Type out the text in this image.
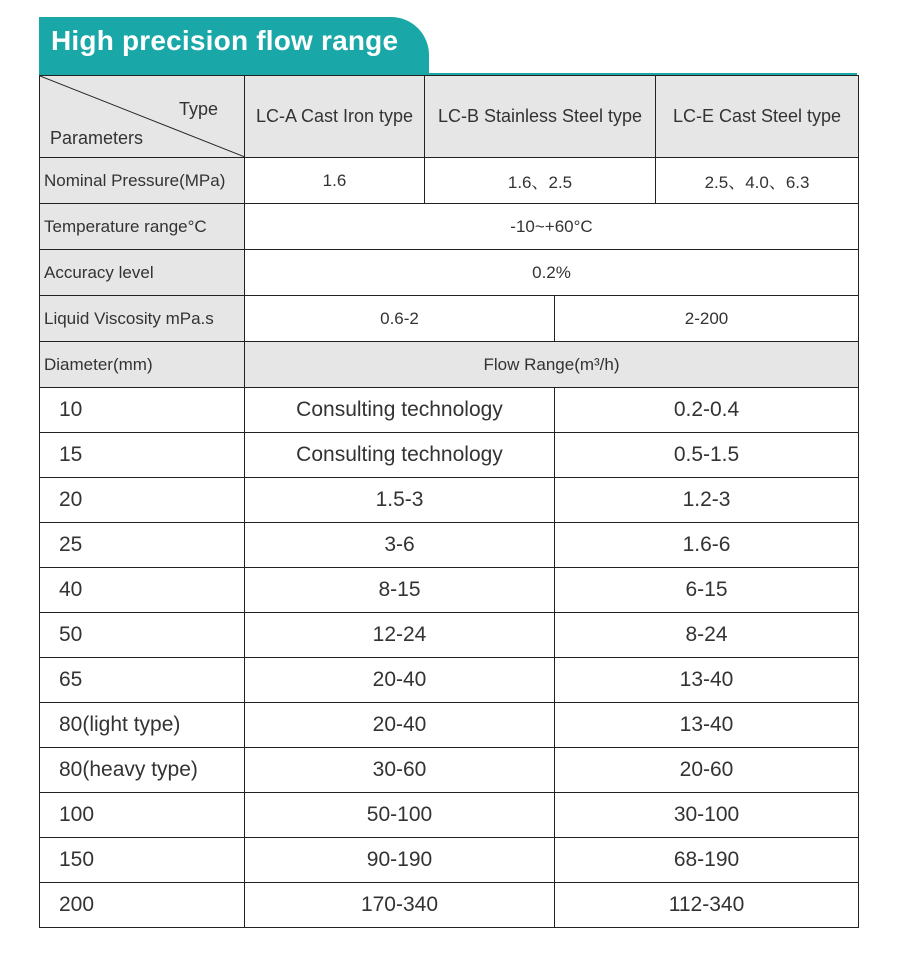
High precision flow range
Type
Parameters	LC-A Cast Iron type	LC-B Stainless Steel type		LC-E Cast Steel type
Nominal Pressure(MPa)	1.6	1.6、2.5		2.5、4.0、6.3
Temperature range°C	-10~+60°C			
Accuracy level	0.2%			
Liquid Viscosity mPa.s	0.6-2		2-200	
Diameter(mm)	Flow Range(m³/h)			
10	Consulting technology		0.2-0.4	
15	Consulting technology		0.5-1.5	
20	1.5-3		1.2-3	
25	3-6		1.6-6	
40	8-15		6-15	
50	12-24		8-24	
65	20-40		13-40	
80(light type)	20-40		13-40	
80(heavy type)	30-60		20-60	
100	50-100		30-100	
150	90-190		68-190	
200	170-340		112-340	
